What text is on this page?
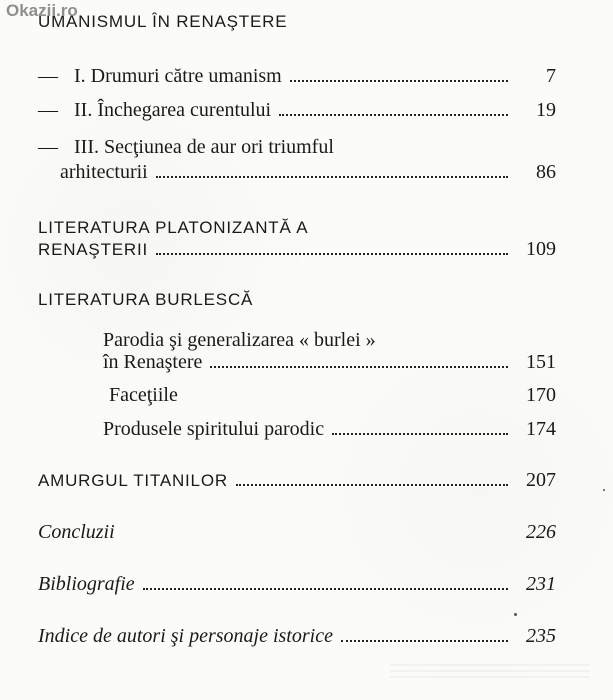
Okazii.ro
UMANISMUL ÎN RENAŞTERE
— I. Drumuri către umanism	7
— II. Închegarea curentului	19
— III. Secţiunea de aur ori triumful
arhitecturii	86
LITERATURA PLATONIZANTĂ A
RENAŞTERII	109
LITERATURA BURLESCĂ
Parodia şi generalizarea « burlei »
în Renaştere	151
Faceţiile	170
Produsele spiritului parodic	174
AMURGUL TITANILOR	207
Concluzii	226
Bibliografie	231
Indice de autori şi personaje istorice	235
